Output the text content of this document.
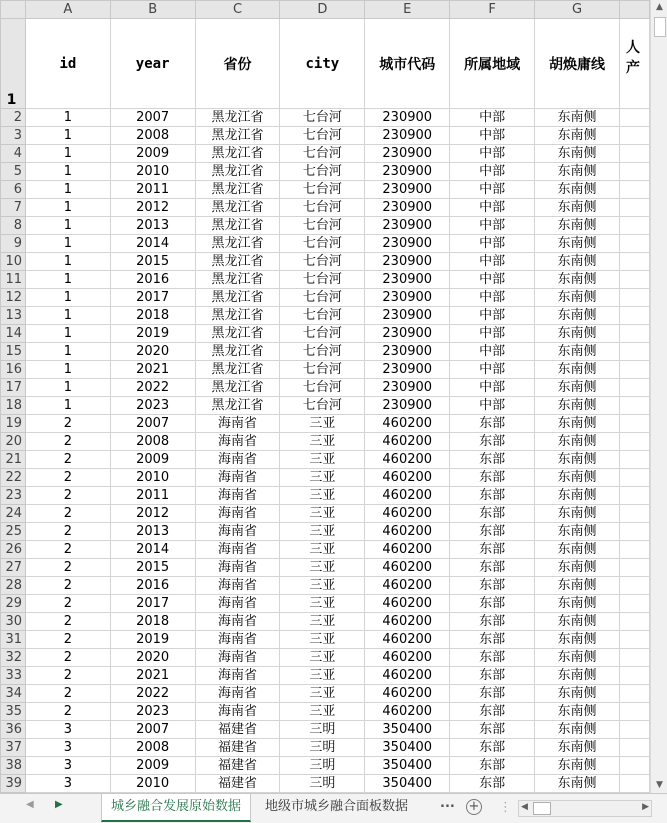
	A	B	C	D	E	F	G	
1	id	year	省份	city	城市代码	所属地域	胡焕庸线	人
产
2	1	2007	黑龙江省	七台河	230900	中部	东南侧	
3	1	2008	黑龙江省	七台河	230900	中部	东南侧	
4	1	2009	黑龙江省	七台河	230900	中部	东南侧	
5	1	2010	黑龙江省	七台河	230900	中部	东南侧	
6	1	2011	黑龙江省	七台河	230900	中部	东南侧	
7	1	2012	黑龙江省	七台河	230900	中部	东南侧	
8	1	2013	黑龙江省	七台河	230900	中部	东南侧	
9	1	2014	黑龙江省	七台河	230900	中部	东南侧	
10	1	2015	黑龙江省	七台河	230900	中部	东南侧	
11	1	2016	黑龙江省	七台河	230900	中部	东南侧	
12	1	2017	黑龙江省	七台河	230900	中部	东南侧	
13	1	2018	黑龙江省	七台河	230900	中部	东南侧	
14	1	2019	黑龙江省	七台河	230900	中部	东南侧	
15	1	2020	黑龙江省	七台河	230900	中部	东南侧	
16	1	2021	黑龙江省	七台河	230900	中部	东南侧	
17	1	2022	黑龙江省	七台河	230900	中部	东南侧	
18	1	2023	黑龙江省	七台河	230900	中部	东南侧	
19	2	2007	海南省	三亚	460200	东部	东南侧	
20	2	2008	海南省	三亚	460200	东部	东南侧	
21	2	2009	海南省	三亚	460200	东部	东南侧	
22	2	2010	海南省	三亚	460200	东部	东南侧	
23	2	2011	海南省	三亚	460200	东部	东南侧	
24	2	2012	海南省	三亚	460200	东部	东南侧	
25	2	2013	海南省	三亚	460200	东部	东南侧	
26	2	2014	海南省	三亚	460200	东部	东南侧	
27	2	2015	海南省	三亚	460200	东部	东南侧	
28	2	2016	海南省	三亚	460200	东部	东南侧	
29	2	2017	海南省	三亚	460200	东部	东南侧	
30	2	2018	海南省	三亚	460200	东部	东南侧	
31	2	2019	海南省	三亚	460200	东部	东南侧	
32	2	2020	海南省	三亚	460200	东部	东南侧	
33	2	2021	海南省	三亚	460200	东部	东南侧	
34	2	2022	海南省	三亚	460200	东部	东南侧	
35	2	2023	海南省	三亚	460200	东部	东南侧	
36	3	2007	福建省	三明	350400	东部	东南侧	
37	3	2008	福建省	三明	350400	东部	东南侧	
38	3	2009	福建省	三明	350400	东部	东南侧	
39	3	2010	福建省	三明	350400	东部	东南侧	

▲
▼
◀ ▶	城乡融合发展原始数据	地级市城乡融合面板数据	... + ⋮ ◀	▶
